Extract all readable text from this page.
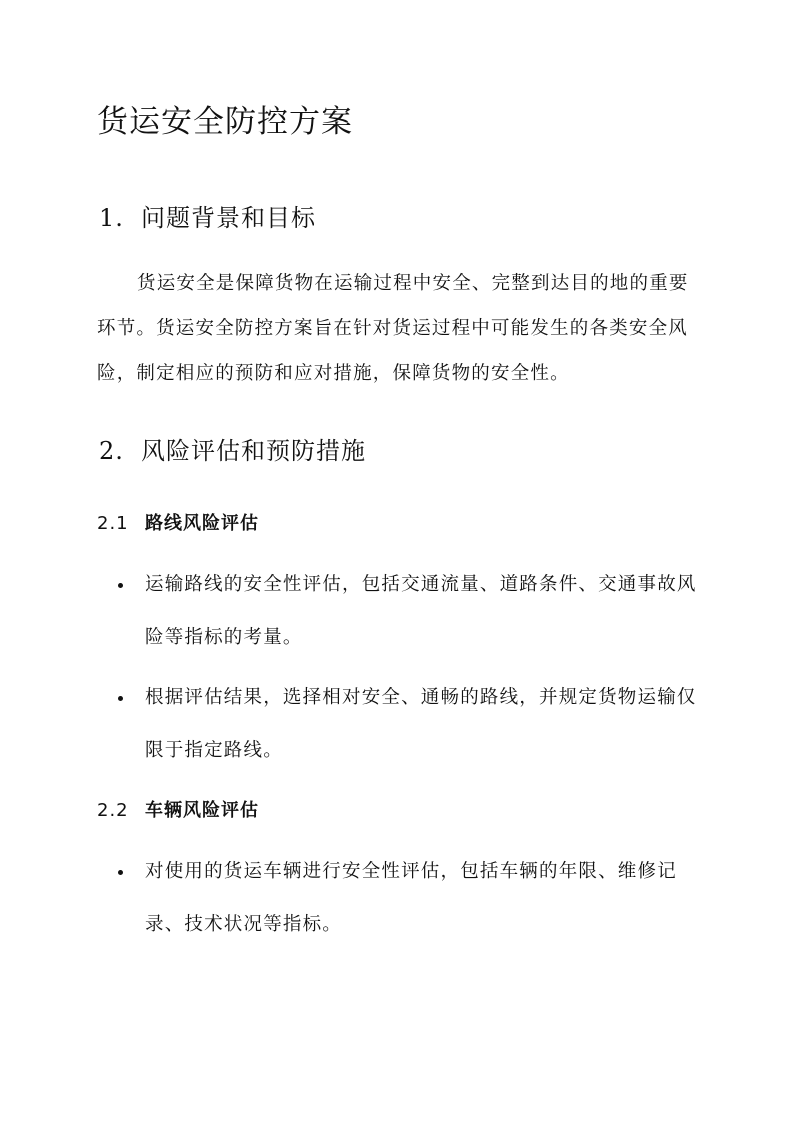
货运安全防控方案
1. 问题背景和目标

货运安全是保障货物在运输过程中安全、完整到达目的地的重要环节。货运安全防控方案旨在针对货运过程中可能发生的各类安全风险，制定相应的预防和应对措施，保障货物的安全性。

2. 风险评估和预防措施
2.1 路线风险评估
运输路线的安全性评估，包括交通流量、道路条件、交通事故风险等指标的考量。
根据评估结果，选择相对安全、通畅的路线，并规定货物运输仅限于指定路线。
2.2 车辆风险评估
对使用的货运车辆进行安全性评估，包括车辆的年限、维修记录、技术状况等指标。
